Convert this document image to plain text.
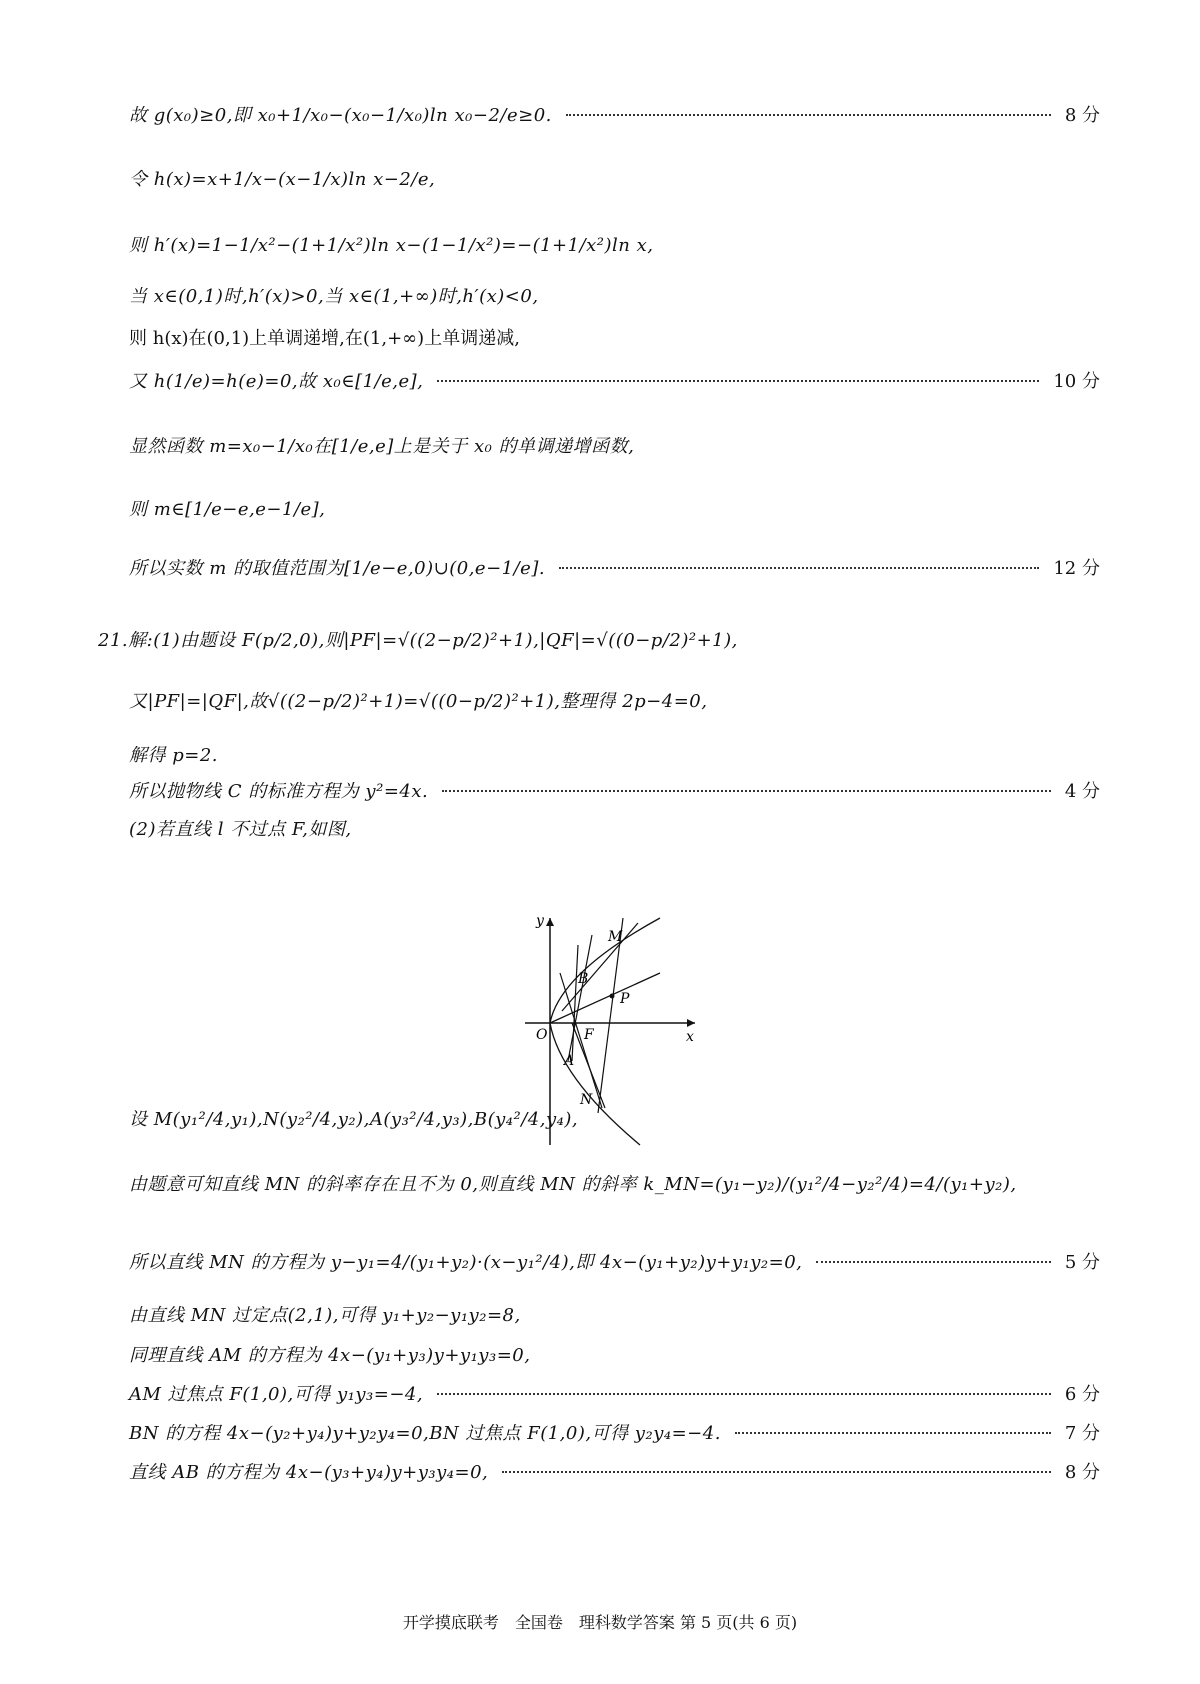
故 g(x₀)≥0,即 x₀+1/x₀−(x₀−1/x₀)ln x₀−2/e≥0.	8 分
令 h(x)=x+1/x−(x−1/x)ln x−2/e,
则 h′(x)=1−1/x²−(1+1/x²)ln x−(1−1/x²)=−(1+1/x²)ln x,
当 x∈(0,1)时,h′(x)>0,当 x∈(1,+∞)时,h′(x)<0,
则 h(x)在(0,1)上单调递增,在(1,+∞)上单调递减,
又 h(1/e)=h(e)=0,故 x₀∈[1/e,e],	10 分
显然函数 m=x₀−1/x₀在[1/e,e]上是关于 x₀ 的单调递增函数,
则 m∈[1/e−e,e−1/e],
所以实数 m 的取值范围为[1/e−e,0)∪(0,e−1/e].	12 分
21.解:(1)由题设 F(p/2,0),则|PF|=√((2−p/2)²+1),|QF|=√((0−p/2)²+1),
又|PF|=|QF|,故√((2−p/2)²+1)=√((0−p/2)²+1),整理得 2p−4=0,
解得 p=2.
所以抛物线 C 的标准方程为 y²=4x.	4 分
(2)若直线 l 不过点 F,如图,
y
x
O
M
B
P
F
A
N
设 M(y₁²/4,y₁),N(y₂²/4,y₂),A(y₃²/4,y₃),B(y₄²/4,y₄),
由题意可知直线 MN 的斜率存在且不为 0,则直线 MN 的斜率 k_MN=(y₁−y₂)/(y₁²/4−y₂²/4)=4/(y₁+y₂),
所以直线 MN 的方程为 y−y₁=4/(y₁+y₂)·(x−y₁²/4),即 4x−(y₁+y₂)y+y₁y₂=0,	5 分
由直线 MN 过定点(2,1),可得 y₁+y₂−y₁y₂=8,
同理直线 AM 的方程为 4x−(y₁+y₃)y+y₁y₃=0,
AM 过焦点 F(1,0),可得 y₁y₃=−4,	6 分
BN 的方程 4x−(y₂+y₄)y+y₂y₄=0,BN 过焦点 F(1,0),可得 y₂y₄=−4.	7 分
直线 AB 的方程为 4x−(y₃+y₄)y+y₃y₄=0,	8 分
开学摸底联考　全国卷　理科数学答案 第 5 页(共 6 页)
